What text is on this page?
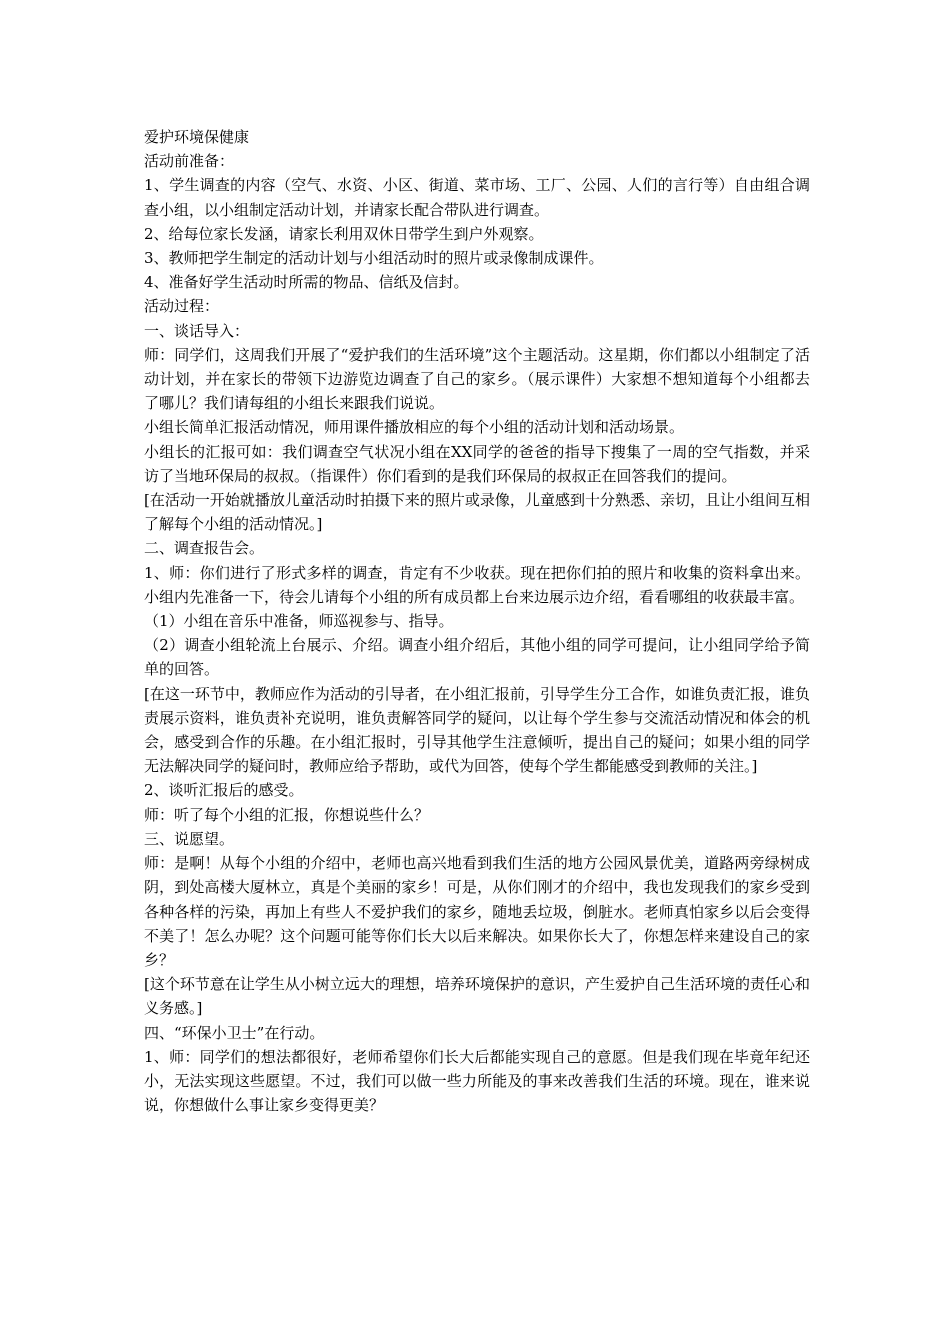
爱护环境保健康

活动前准备：

1、学生调查的内容（空气、水资、小区、街道、菜市场、工厂、公园、人们的言行等）自由组合调查小组，以小组制定活动计划，并请家长配合带队进行调查。

2、给每位家长发涵，请家长利用双休日带学生到户外观察。

3、教师把学生制定的活动计划与小组活动时的照片或录像制成课件。

4、准备好学生活动时所需的物品、信纸及信封。

活动过程：

一、谈话导入：

师：同学们，这周我们开展了“爱护我们的生活环境”这个主题活动。这星期，你们都以小组制定了活动计划，并在家长的带领下边游览边调查了自己的家乡。（展示课件）大家想不想知道每个小组都去了哪儿？我们请每组的小组长来跟我们说说。

小组长简单汇报活动情况，师用课件播放相应的每个小组的活动计划和活动场景。

小组长的汇报可如：我们调查空气状况小组在XX同学的爸爸的指导下搜集了一周的空气指数，并采访了当地环保局的叔叔。（指课件）你们看到的是我们环保局的叔叔正在回答我们的提问。

[在活动一开始就播放儿童活动时拍摄下来的照片或录像，儿童感到十分熟悉、亲切，且让小组间互相了解每个小组的活动情况。]

二、调查报告会。

1、师：你们进行了形式多样的调查，肯定有不少收获。现在把你们拍的照片和收集的资料拿出来。小组内先准备一下，待会儿请每个小组的所有成员都上台来边展示边介绍，看看哪组的收获最丰富。

（1）小组在音乐中准备，师巡视参与、指导。

（2）调查小组轮流上台展示、介绍。调查小组介绍后，其他小组的同学可提问，让小组同学给予简单的回答。

[在这一环节中，教师应作为活动的引导者，在小组汇报前，引导学生分工合作，如谁负责汇报，谁负责展示资料，谁负责补充说明，谁负责解答同学的疑问，以让每个学生参与交流活动情况和体会的机会，感受到合作的乐趣。在小组汇报时，引导其他学生注意倾听，提出自己的疑问；如果小组的同学无法解决同学的疑问时，教师应给予帮助，或代为回答，使每个学生都能感受到教师的关注。]

2、谈听汇报后的感受。

师：听了每个小组的汇报，你想说些什么？

三、说愿望。

师：是啊！从每个小组的介绍中，老师也高兴地看到我们生活的地方公园风景优美，道路两旁绿树成阴，到处高楼大厦林立，真是个美丽的家乡！可是，从你们刚才的介绍中，我也发现我们的家乡受到各种各样的污染，再加上有些人不爱护我们的家乡，随地丢垃圾，倒脏水。老师真怕家乡以后会变得不美了！怎么办呢？这个问题可能等你们长大以后来解决。如果你长大了，你想怎样来建设自己的家乡？

[这个环节意在让学生从小树立远大的理想，培养环境保护的意识，产生爱护自己生活环境的责任心和义务感。]

四、“环保小卫士”在行动。

1、师：同学们的想法都很好，老师希望你们长大后都能实现自己的意愿。但是我们现在毕竟年纪还小，无法实现这些愿望。不过，我们可以做一些力所能及的事来改善我们生活的环境。现在，谁来说说，你想做什么事让家乡变得更美？
